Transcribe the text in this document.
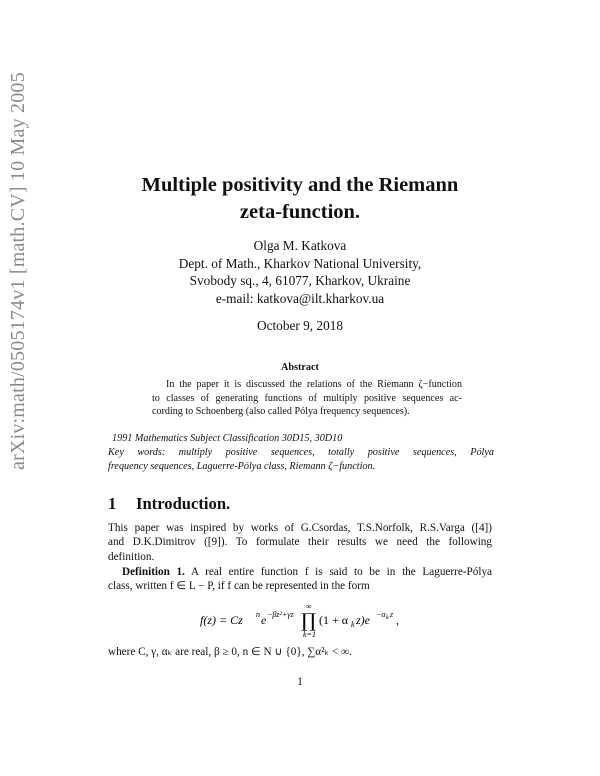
arXiv:math/0505174v1 [math.CV] 10 May 2005	Multiple positivity and the Riemann
zeta-function.
Olga M. Katkova
Dept. of Math., Kharkov National University,
Svobody sq., 4, 61077, Kharkov, Ukraine
e-mail: katkova@ilt.kharkov.ua
October 9, 2018
Abstract
In the paper it is discussed the relations of the Riemann ζ−function
to classes of generating functions of multiply positive sequences ac-
cording to Schoenberg (also called Pólya frequency sequences).
1991 Mathematics Subject Classification 30D15, 30D10
Key words: multiply positive sequences, totally positive sequences, Pólya
frequency sequences, Laguerre-Pólya class, Riemann ζ−function.
1 Introduction.
This paper was inspired by works of G.Csordas, T.S.Norfolk, R.S.Varga ([4])
and D.K.Dimitrov ([9]). To formulate their results we need the following
definition.
Definition 1. A real entire function f is said to be in the Laguerre-Pólya
class, written f ∈ L − P, if f can be represented in the form
f(z) = Cz n e −βz²+γz
∞
∏
k=1
(1 + α k z)e −α k z ,
where C, γ, αₖ are real, β ≥ 0, n ∈ N ∪ {0}, ∑α²ₖ < ∞.
1
